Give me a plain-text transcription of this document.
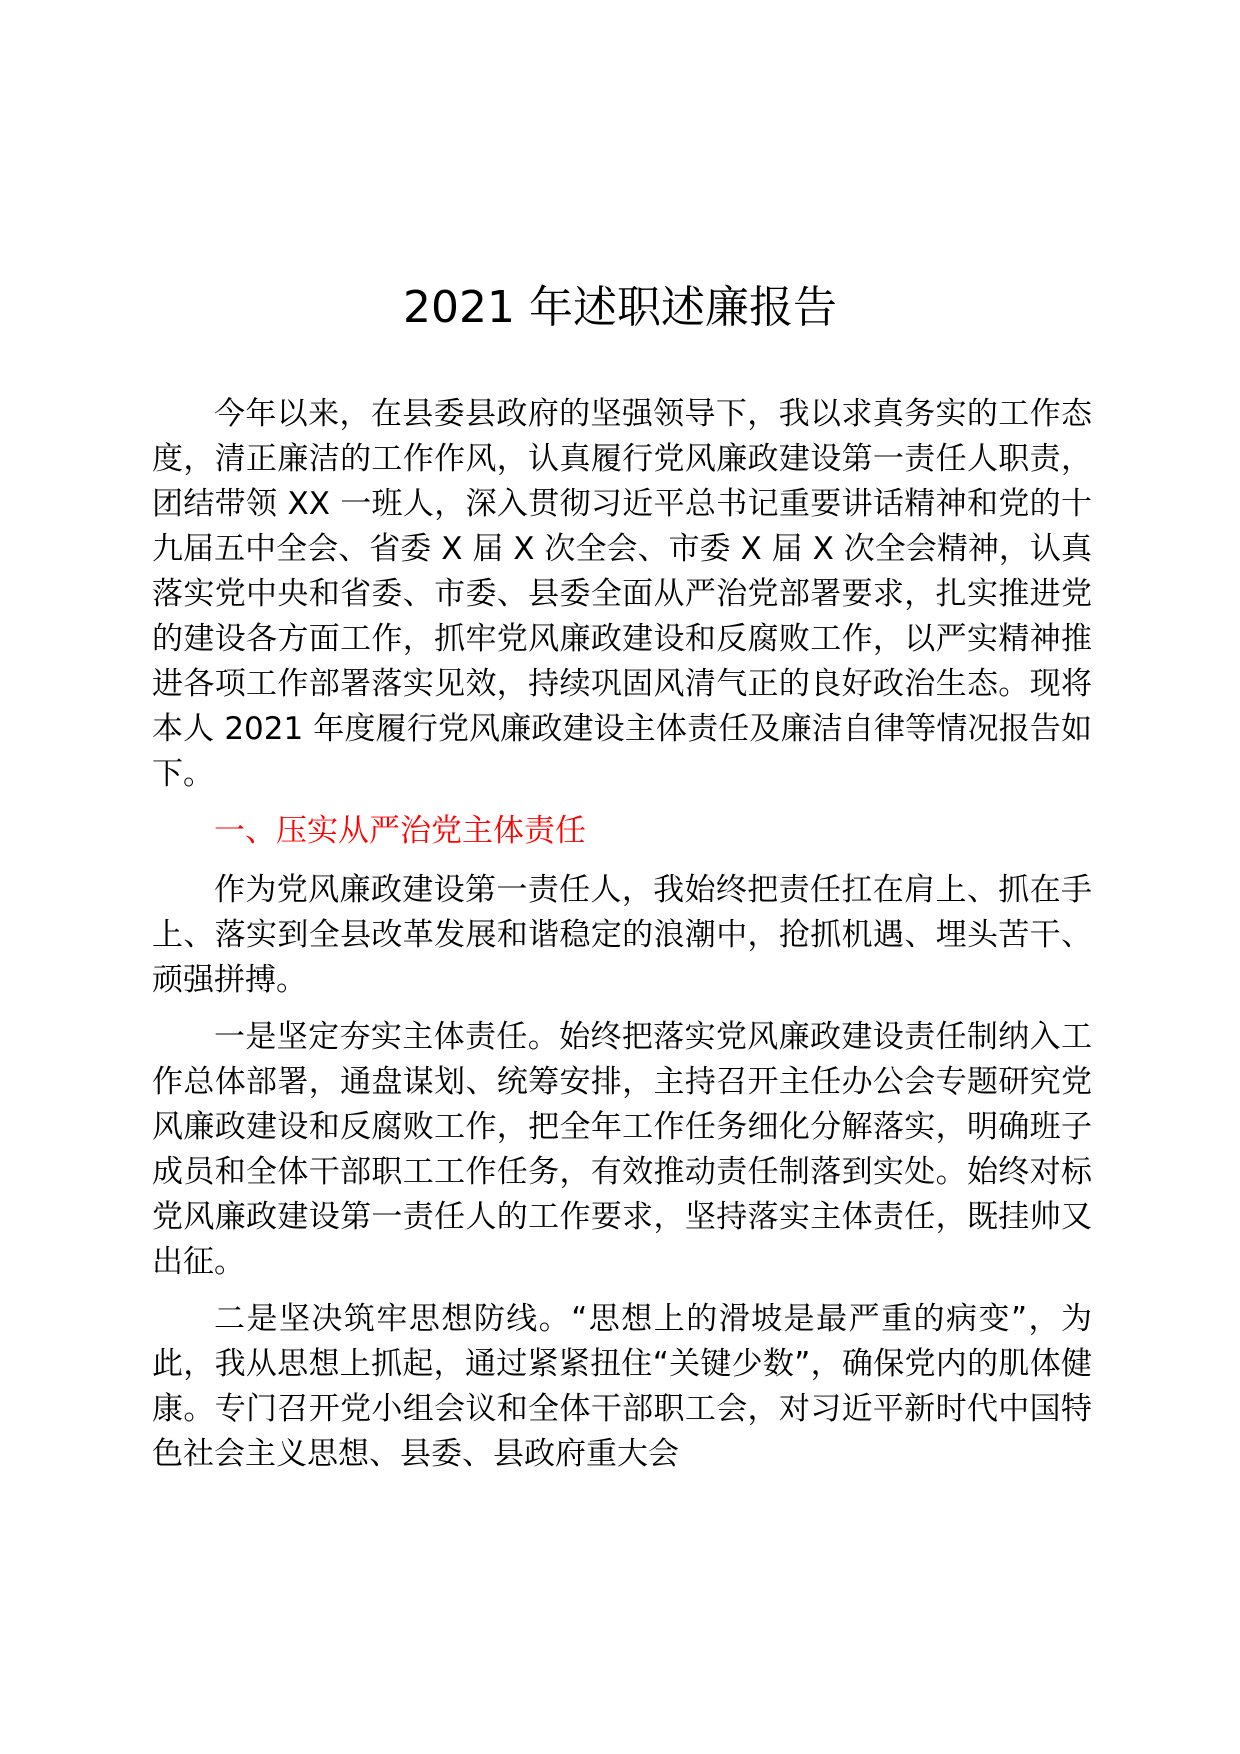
2021 年述职述廉报告

今年以来，在县委县政府的坚强领导下，我以求真务实的工作态度，清正廉洁的工作作风，认真履行党风廉政建设第一责任人职责，团结带领 XX 一班人，深入贯彻习近平总书记重要讲话精神和党的十九届五中全会、省委 X 届 X 次全会、市委 X 届 X 次全会精神，认真落实党中央和省委、市委、县委全面从严治党部署要求，扎实推进党的建设各方面工作，抓牢党风廉政建设和反腐败工作，以严实精神推进各项工作部署落实见效，持续巩固风清气正的良好政治生态。现将本人 2021 年度履行党风廉政建设主体责任及廉洁自律等情况报告如下。

一、压实从严治党主体责任

作为党风廉政建设第一责任人，我始终把责任扛在肩上、抓在手上、落实到全县改革发展和谐稳定的浪潮中，抢抓机遇、埋头苦干、顽强拼搏。

一是坚定夯实主体责任。始终把落实党风廉政建设责任制纳入工作总体部署，通盘谋划、统筹安排，主持召开主任办公会专题研究党风廉政建设和反腐败工作，把全年工作任务细化分解落实，明确班子成员和全体干部职工工作任务，有效推动责任制落到实处。始终对标党风廉政建设第一责任人的工作要求，坚持落实主体责任，既挂帅又出征。

二是坚决筑牢思想防线。“思想上的滑坡是最严重的病变”，为此，我从思想上抓起，通过紧紧扭住“关键少数”，确保党内的肌体健康。专门召开党小组会议和全体干部职工会，对习近平新时代中国特色社会主义思想、县委、县政府重大会
